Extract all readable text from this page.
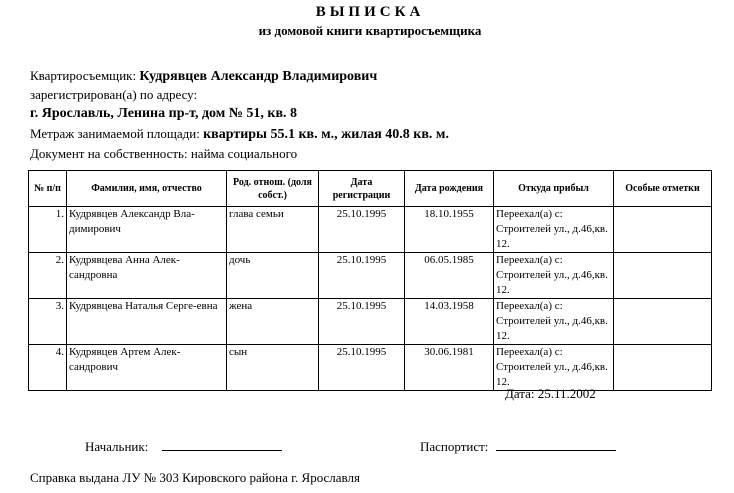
ВЫПИСКА
из домовой книги квартиросъемщика
Квартиросъемщик: Кудрявцев Александр Владимирович
зарегистрирован(а) по адресу:
г. Ярославль, Ленина пр-т, дом № 51, кв. 8
Метраж занимаемой площади: квартиры 55.1 кв. м., жилая 40.8 кв. м.
Документ на собственность: найма социального
№ п/п	Фамилия, имя, отчество	Род. отнош. (доля собст.)	Дата регистрации	Дата рождения	Откуда прибыл	Особые отметки
1.	Кудрявцев Александр Вла-димирович	глава семьи	25.10.1995	18.10.1955	Переехал(а) с: Строителей ул., д.46,кв. 12.	
2.	Кудрявцева Анна Алек-сандровна	дочь	25.10.1995	06.05.1985	Переехал(а) с: Строителей ул., д.46,кв. 12.	
3.	Кудрявцева Наталья Серге-евна	жена	25.10.1995	14.03.1958	Переехал(а) с: Строителей ул., д.46,кв. 12.	
4.	Кудрявцев Артем Алек-сандрович	сын	25.10.1995	30.06.1981	Переехал(а) с: Строителей ул., д.46,кв. 12.	
Дата: 25.11.2002
Начальник:	Паспортист:
Справка выдана ЛУ № 303 Кировского района г. Ярославля
